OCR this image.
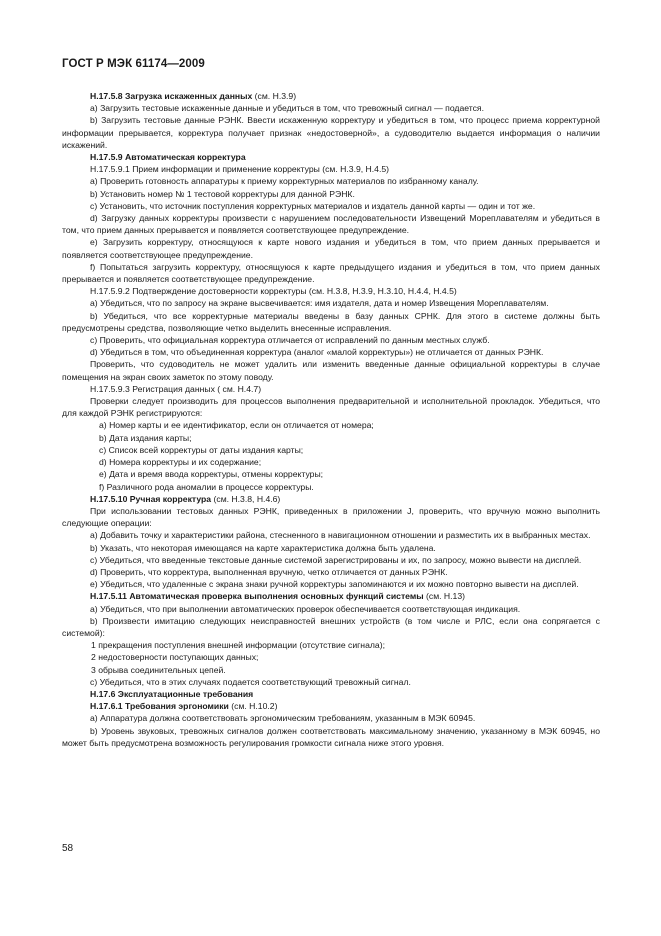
ГОСТ Р МЭК 61174—2009

Н.17.5.8 Загрузка искаженных данных (см. Н.3.9)

a) Загрузить тестовые искаженные данные и убедиться в том, что тревожный сигнал — подается.

b) Загрузить тестовые данные РЭНК. Ввести искаженную корректуру и убедиться в том, что процесс приема корректурной информации прерывается, корректура получает признак «недостоверной», а судоводителю выдается информация о наличии искажений.

Н.17.5.9 Автоматическая корректура

Н.17.5.9.1 Прием информации и применение корректуры (см. Н.3.9, Н.4.5)

a) Проверить готовность аппаратуры к приему корректурных материалов по избранному каналу.

b) Установить номер № 1 тестовой корректуры для данной РЭНК.

c) Установить, что источник поступления корректурных материалов и издатель данной карты — один и тот же.

d) Загрузку данных корректуры произвести с нарушением последовательности Извещений Мореплавателям и убедиться в том, что прием данных прерывается и появляется соответствующее предупреждение.

e) Загрузить корректуру, относящуюся к карте нового издания и убедиться в том, что прием данных прерывается и появляется соответствующее предупреждение.

f) Попытаться загрузить корректуру, относящуюся к карте предыдущего издания и убедиться в том, что прием данных прерывается и появляется соответствующее предупреждение.

Н.17.5.9.2 Подтверждение достоверности корректуры (см. Н.3.8, Н.3.9, Н.3.10, Н.4.4, Н.4.5)

a) Убедиться, что по запросу на экране высвечивается: имя издателя, дата и номер Извещения Мореплавателям.

b) Убедиться, что все корректурные материалы введены в базу данных СРНК. Для этого в системе должны быть предусмотрены средства, позволяющие четко выделить внесенные исправления.

c) Проверить, что официальная корректура отличается от исправлений по данным местных служб.

d) Убедиться в том, что объединенная корректура (аналог «малой корректуры») не отличается от данных РЭНК.

Проверить, что судоводитель не может удалить или изменить введенные данные официальной корректуры в случае помещения на экран своих заметок по этому поводу.

Н.17.5.9.3 Регистрация данных ( см. Н.4.7)

Проверки следует производить для процессов выполнения предварительной и исполнительной прокладок. Убедиться, что для каждой РЭНК регистрируются:

a) Номер карты и ее идентификатор, если он отличается от номера;

b) Дата издания карты;

c) Список всей корректуры от даты издания карты;

d) Номера корректуры и их содержание;

e) Дата и время ввода корректуры, отмены корректуры;

f) Различного рода аномалии в процессе корректуры.

Н.17.5.10 Ручная корректура (см. Н.3.8, Н.4.6)

При использовании тестовых данных РЭНК, приведенных в приложении J, проверить, что вручную можно выполнить следующие операции:

a) Добавить точку и характеристики района, стесненного в навигационном отношении и разместить их в выбранных местах.

b) Указать, что некоторая имеющаяся на карте характеристика должна быть удалена.

c) Убедиться, что введенные текстовые данные системой зарегистрированы и их, по запросу, можно вывести на дисплей.

d) Проверить, что корректура, выполненная вручную, четко отличается от данных РЭНК.

e) Убедиться, что удаленные с экрана знаки ручной корректуры запоминаются и их можно повторно вывести на дисплей.

Н.17.5.11 Автоматическая проверка выполнения основных функций системы (см. Н.13)

a) Убедиться, что при выполнении автоматических проверок обеспечивается соответствующая индикация.

b) Произвести имитацию следующих неисправностей внешних устройств (в том числе и РЛС, если она сопрягается с системой):

1 прекращения поступления внешней информации (отсутствие сигнала);

2 недостоверности поступающих данных;

3 обрыва соединительных цепей.

c) Убедиться, что в этих случаях подается соответствующий тревожный сигнал.

Н.17.6 Эксплуатационные требования

Н.17.6.1 Требования эргономики (см. Н.10.2)

a) Аппаратура должна соответствовать эргономическим требованиям, указанным в МЭК 60945.

b) Уровень звуковых, тревожных сигналов должен соответствовать максимальному значению, указанному в МЭК 60945, но может быть предусмотрена возможность регулирования громкости сигнала ниже этого уровня.

58
